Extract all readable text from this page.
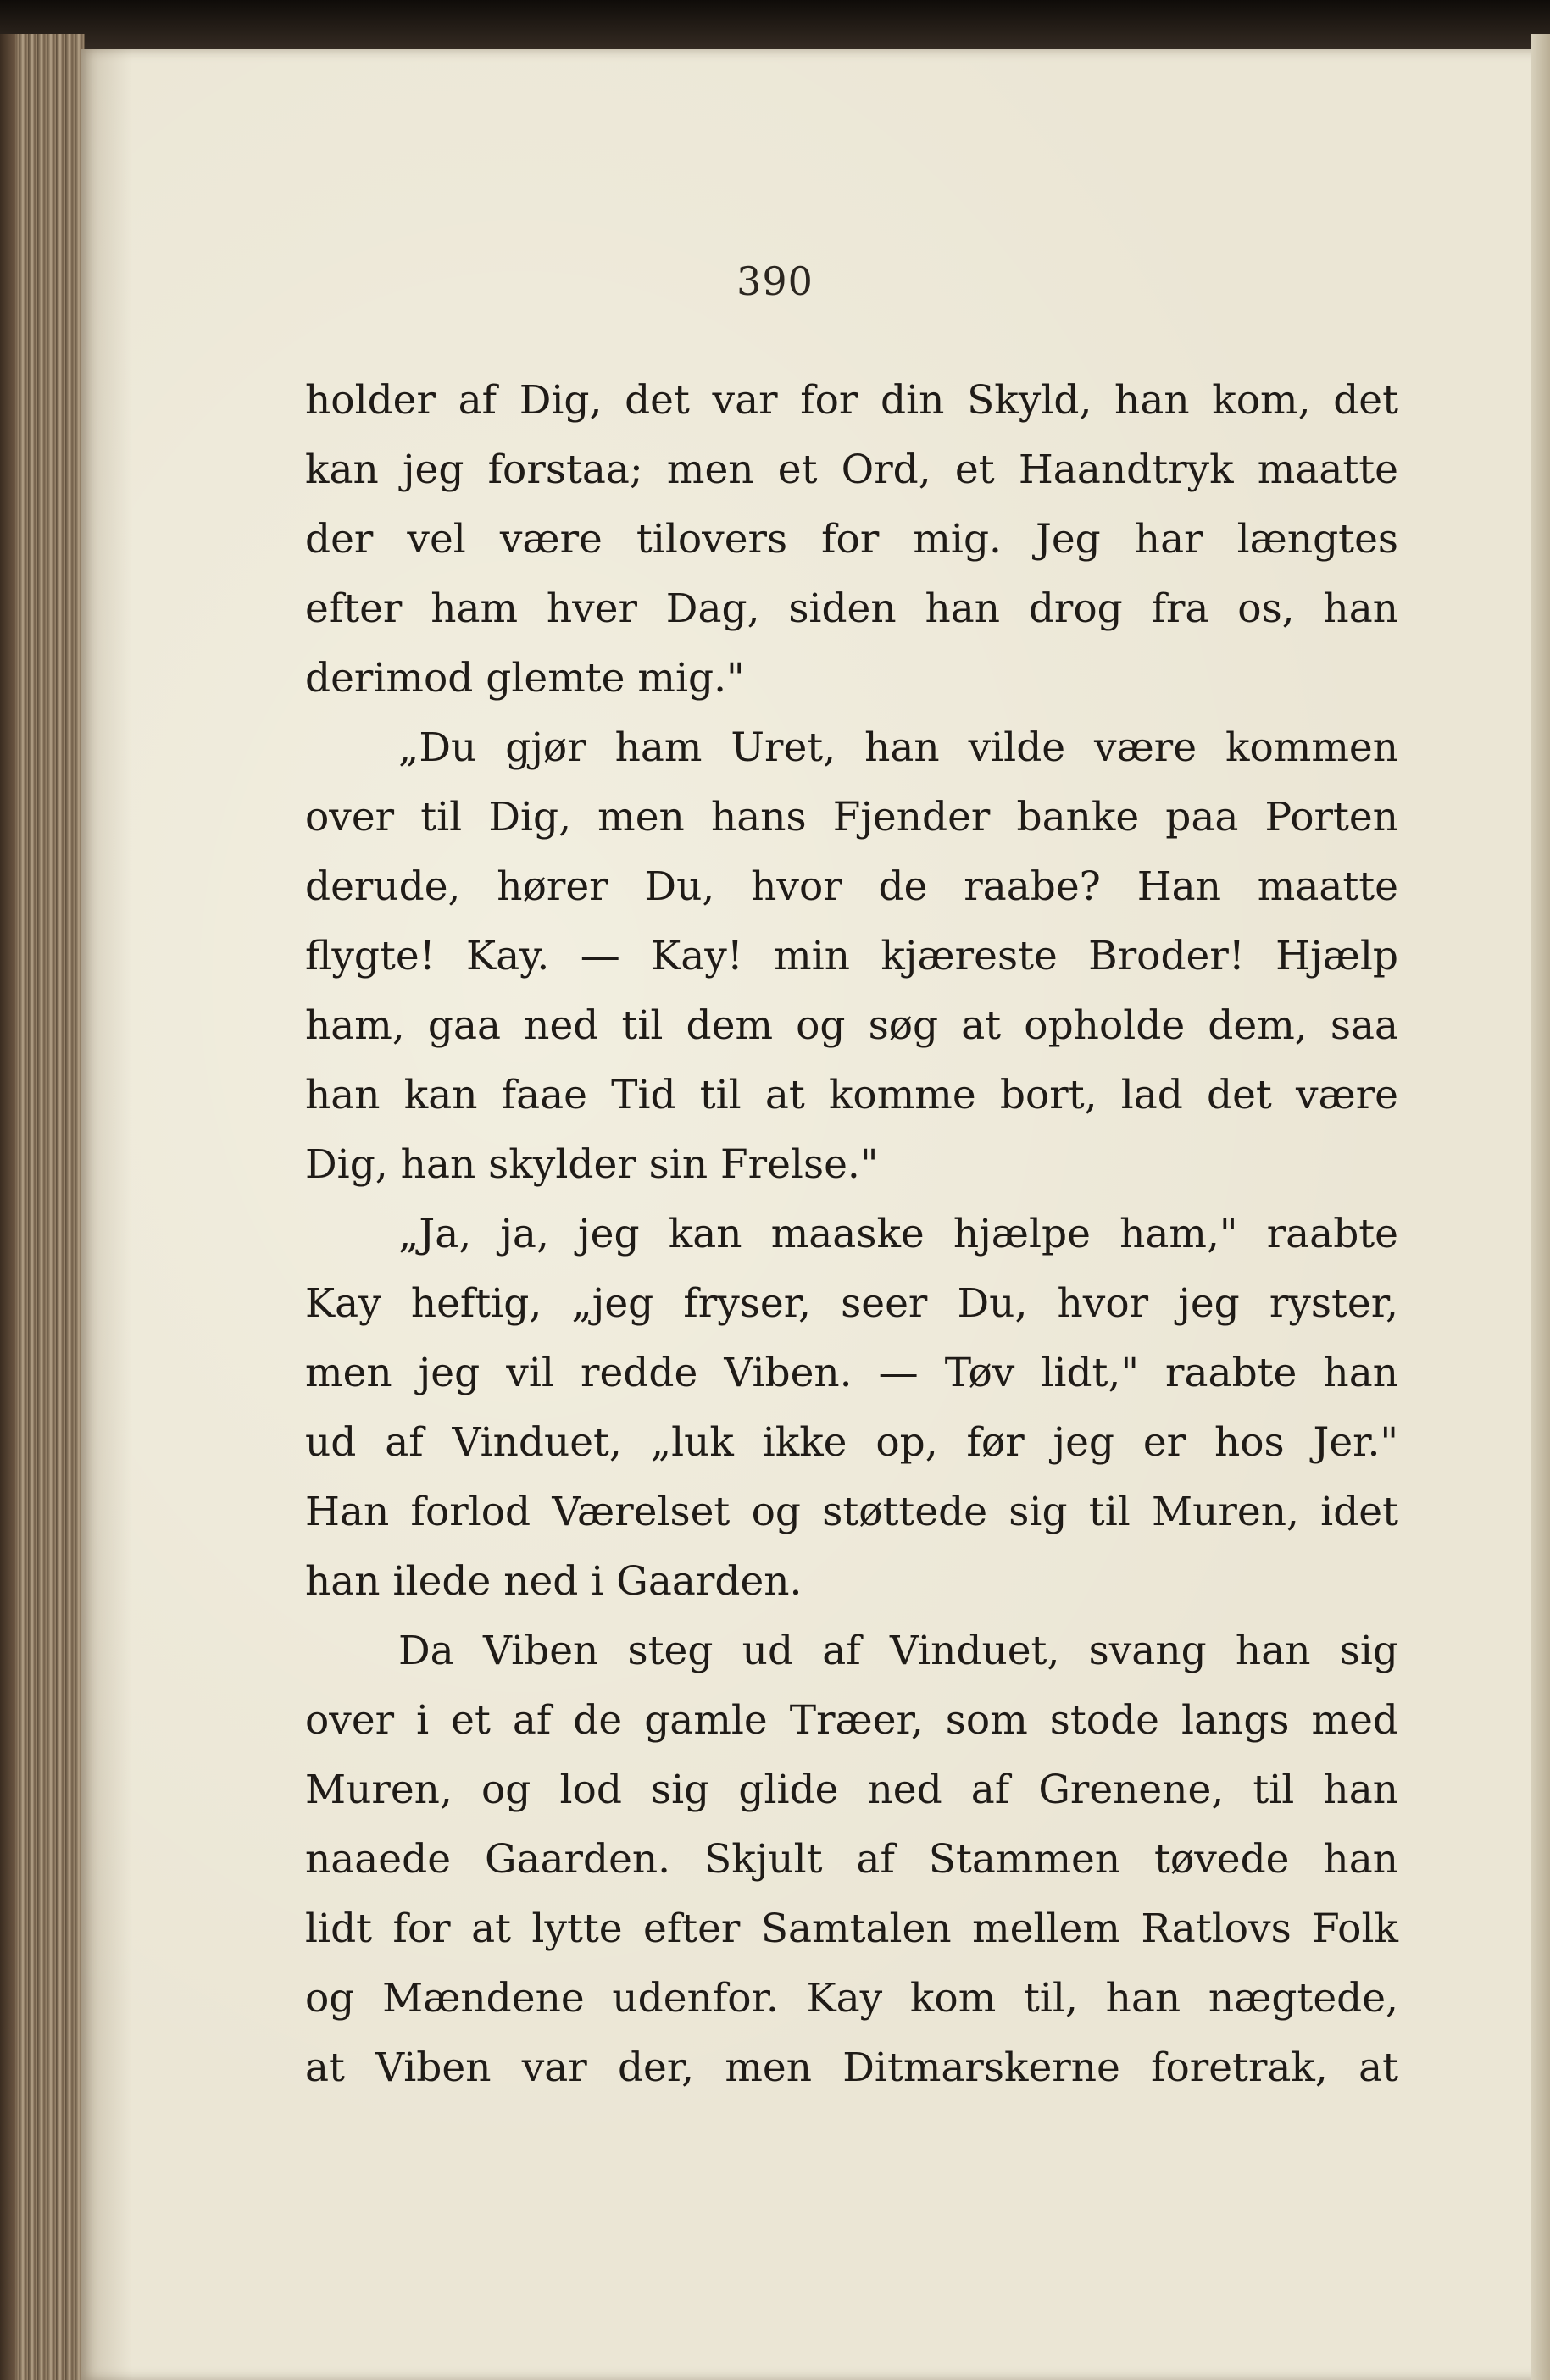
390
holder af Dig, det var for din Skyld, han kom, det
kan jeg forstaa; men et Ord, et Haandtryk maatte
der vel være tilovers for mig. Jeg har længtes
efter ham hver Dag, siden han drog fra os, han
derimod glemte mig."
„Du gjør ham Uret, han vilde være kommen
over til Dig, men hans Fjender banke paa Porten
derude, hører Du, hvor de raabe? Han maatte
flygte! Kay. — Kay! min kjæreste Broder! Hjælp
ham, gaa ned til dem og søg at opholde dem, saa
han kan faae Tid til at komme bort, lad det være
Dig, han skylder sin Frelse."
„Ja, ja, jeg kan maaske hjælpe ham," raabte
Kay heftig, „jeg fryser, seer Du, hvor jeg ryster,
men jeg vil redde Viben. — Tøv lidt," raabte han
ud af Vinduet, „luk ikke op, før jeg er hos Jer."
Han forlod Værelset og støttede sig til Muren, idet
han ilede ned i Gaarden.
Da Viben steg ud af Vinduet, svang han sig
over i et af de gamle Træer, som stode langs med
Muren, og lod sig glide ned af Grenene, til han
naaede Gaarden. Skjult af Stammen tøvede han
lidt for at lytte efter Samtalen mellem Ratlovs Folk
og Mændene udenfor. Kay kom til, han nægtede,
at Viben var der, men Ditmarskerne foretrak, at
